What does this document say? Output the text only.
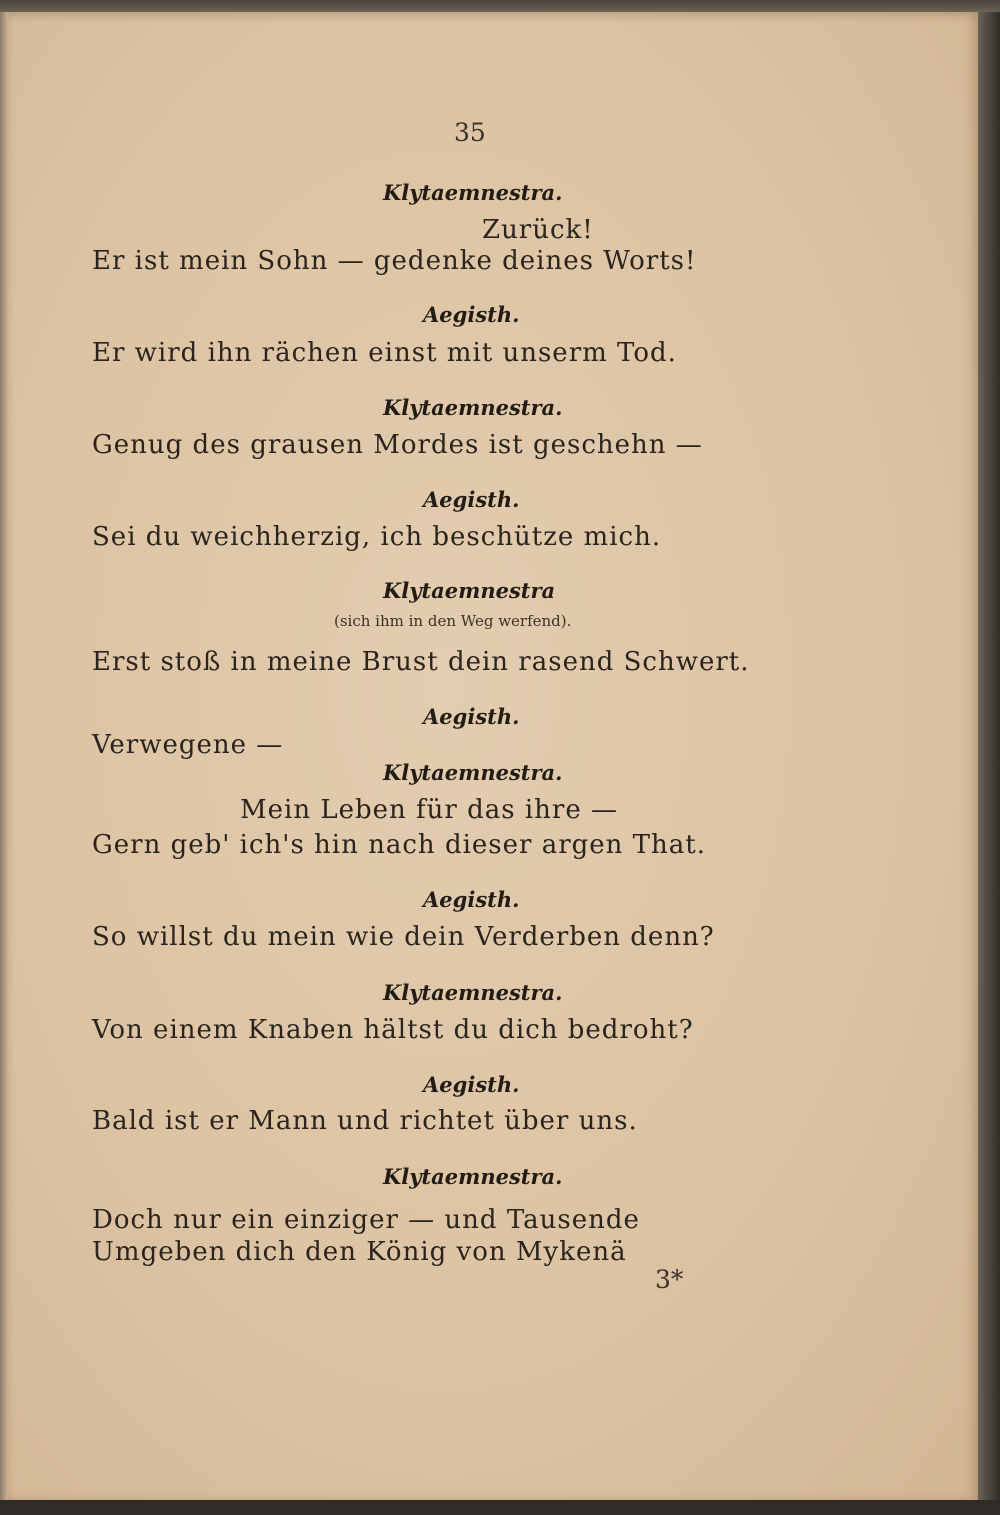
35
Klytaemnestra.
Zurück!
Er ist mein Sohn — gedenke deines Worts!
Aegisth.
Er wird ihn rächen einst mit unserm Tod.
Klytaemnestra.
Genug des grausen Mordes ist geschehn —
Aegisth.
Sei du weichherzig, ich beschütze mich.
Klytaemnestra
(sich ihm in den Weg werfend).
Erst stoß in meine Brust dein rasend Schwert.
Aegisth.
Verwegene —
Klytaemnestra.
Mein Leben für das ihre —
Gern geb' ich's hin nach dieser argen That.
Aegisth.
So willst du mein wie dein Verderben denn?
Klytaemnestra.
Von einem Knaben hältst du dich bedroht?
Aegisth.
Bald ist er Mann und richtet über uns.
Klytaemnestra.
Doch nur ein einziger — und Tausende
Umgeben dich den König von Mykenä
3*
